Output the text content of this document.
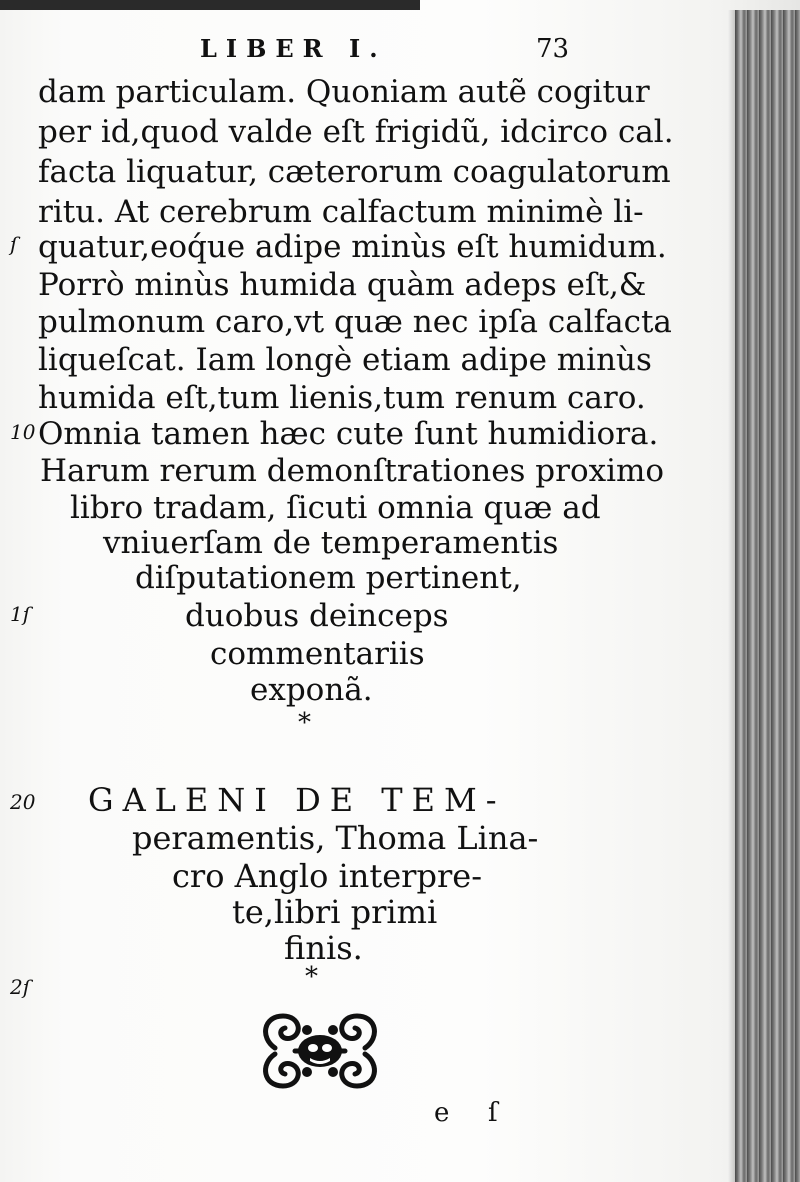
LIBER I.	73
dam particulam. Quoniam autẽ cogitur
per id,quod valde eſt frigidũ, idcirco cal.
facta liquatur, cæterorum coagulatorum
ritu. At cerebrum calfactum minimè li-
quatur,eoq́ue adipe minùs eſt humidum.
Porrò minùs humida quàm adeps eſt,&
pulmonum caro,vt quæ nec ipſa calfacta
liqueſcat. Iam longè etiam adipe minùs
humida eſt,tum lienis,tum renum caro.
Omnia tamen hæc cute ſunt humidiora.
Harum rerum demonſtrationes proximo
libro tradam, ſicuti omnia quæ ad
vniuerſam de temperamentis
diſputationem pertinent,
duobus deinceps
commentariis
exponã.
*
ſ
10
1ſ
20
2ſ
GALENI DE TEM-
peramentis, Thoma Lina-
cro Anglo interpre-
te,libri primi
finis.
*
e ſ
